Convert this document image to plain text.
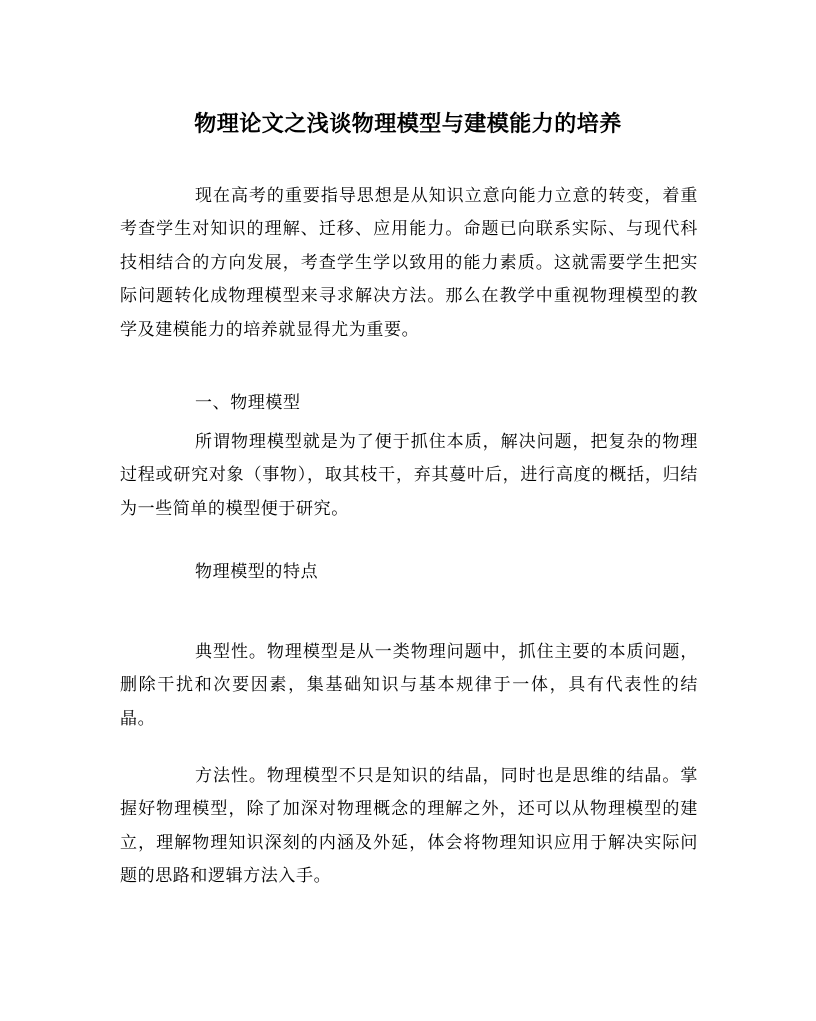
物理论文之浅谈物理模型与建模能力的培养

现在高考的重要指导思想是从知识立意向能力立意的转变，着重考查学生对知识的理解、迁移、应用能力。命题已向联系实际、与现代科技相结合的方向发展，考查学生学以致用的能力素质。这就需要学生把实际问题转化成物理模型来寻求解决方法。那么在教学中重视物理模型的教学及建模能力的培养就显得尤为重要。

一、物理模型

所谓物理模型就是为了便于抓住本质，解决问题，把复杂的物理过程或研究对象（事物），取其枝干，弃其蔓叶后，进行高度的概括，归结为一些简单的模型便于研究。

物理模型的特点

典型性。物理模型是从一类物理问题中，抓住主要的本质问题，删除干扰和次要因素，集基础知识与基本规律于一体，具有代表性的结晶。

方法性。物理模型不只是知识的结晶，同时也是思维的结晶。掌握好物理模型，除了加深对物理概念的理解之外，还可以从物理模型的建立，理解物理知识深刻的内涵及外延，体会将物理知识应用于解决实际问题的思路和逻辑方法入手。
